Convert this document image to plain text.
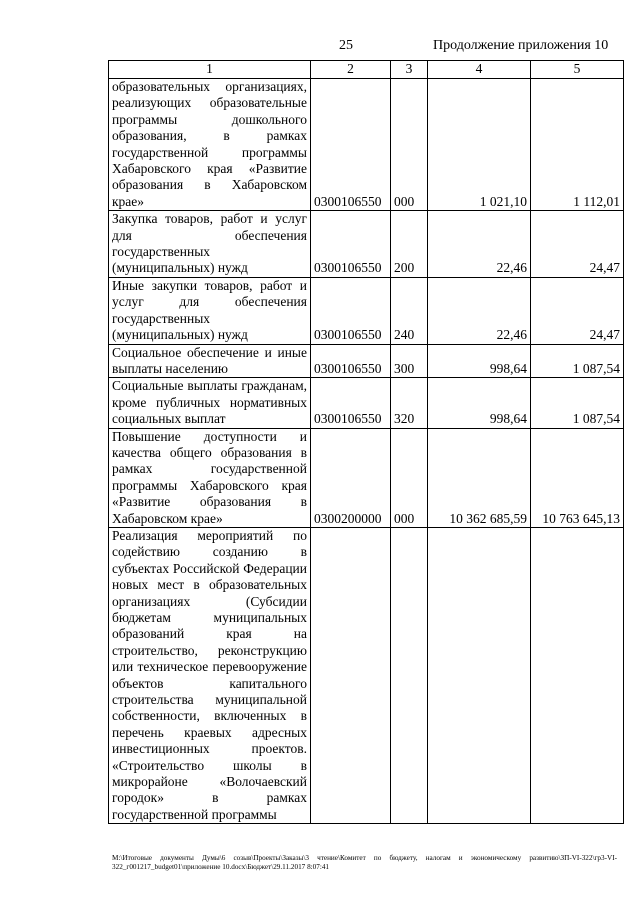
25	Продолжение приложения 10
1	2	3	4	5
образовательных организациях, реализующих образовательные программы дошкольного образования, в рамках государственной программы Хабаровского края «Развитие образования в Хабаровском крае»	0300106550	000	1 021,10	1 112,01
Закупка товаров, работ и услуг для обеспечения государственных (муниципальных) нужд	0300106550	200	22,46	24,47
Иные закупки товаров, работ и услуг для обеспечения государственных (муниципальных) нужд	0300106550	240	22,46	24,47
Социальное обеспечение и иные выплаты населению	0300106550	300	998,64	1 087,54
Социальные выплаты гражданам, кроме публичных нормативных социальных выплат	0300106550	320	998,64	1 087,54
Повышение доступности и качества общего образования в рамках государственной программы Хабаровского края «Развитие образования в Хабаровском крае»	0300200000	000	10 362 685,59	10 763 645,13
Реализация мероприятий по содействию созданию в субъектах Российской Федерации новых мест в образовательных организациях (Субсидии бюджетам муниципальных образований края на строительство, реконструкцию или техническое перевооружение объектов капитального строительства муниципальной собственности, включенных в перечень краевых адресных инвестиционных проектов. «Строительство школы в микрорайоне «Волочаевский городок» в рамках государственной программы				
M:\Итоговые документы Думы\6 созыв\Проекты\Заказы\3 чтение\Комитет по бюджету, налогам и экономическому развитию\ЗП-VI-322\гр3-VI-322_г001217_budget01\приложение 10.docx\Бюджет\29.11.2017 8:07:41
